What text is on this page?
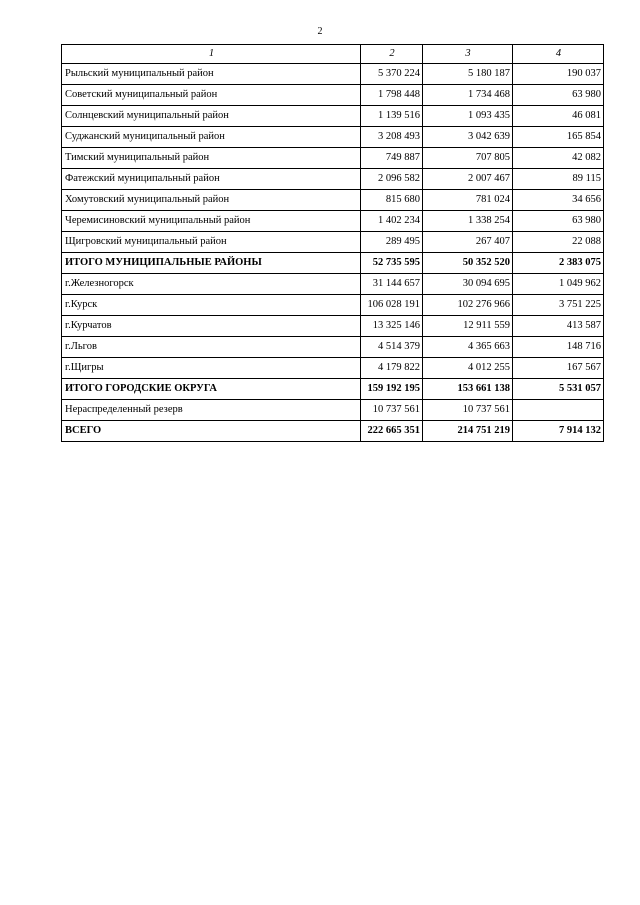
2
1	2	3	4
Рыльский муниципальный район	5 370 224	5 180 187	190 037
Советский муниципальный район	1 798 448	1 734 468	63 980
Солнцевский муниципальный район	1 139 516	1 093 435	46 081
Суджанский муниципальный район	3 208 493	3 042 639	165 854
Тимский муниципальный район	749 887	707 805	42 082
Фатежский муниципальный район	2 096 582	2 007 467	89 115
Хомутовский муниципальный район	815 680	781 024	34 656
Черемисиновский муниципальный район	1 402 234	1 338 254	63 980
Щигровский муниципальный район	289 495	267 407	22 088
ИТОГО МУНИЦИПАЛЬНЫЕ РАЙОНЫ	52 735 595	50 352 520	2 383 075
г.Железногорск	31 144 657	30 094 695	1 049 962
г.Курск	106 028 191	102 276 966	3 751 225
г.Курчатов	13 325 146	12 911 559	413 587
г.Льгов	4 514 379	4 365 663	148 716
г.Щигры	4 179 822	4 012 255	167 567
ИТОГО ГОРОДСКИЕ ОКРУГА	159 192 195	153 661 138	5 531 057
Нераспределенный резерв	10 737 561	10 737 561	
ВСЕГО	222 665 351	214 751 219	7 914 132
